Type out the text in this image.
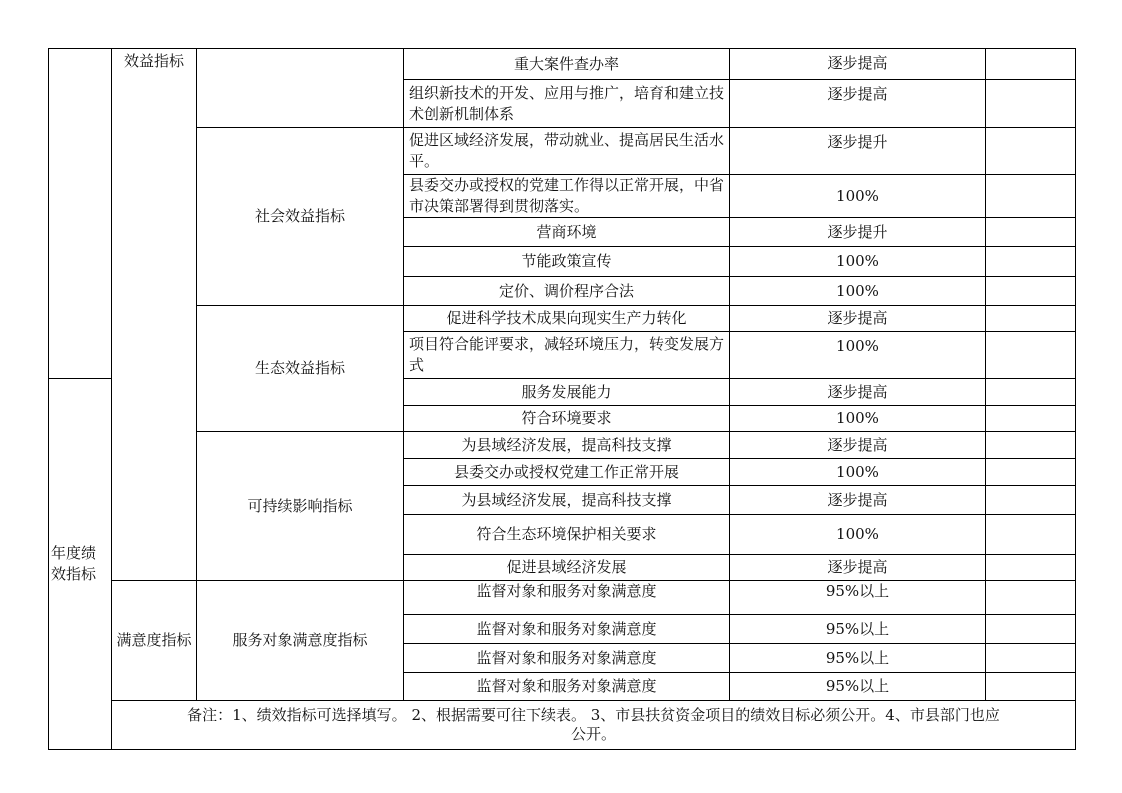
	效益指标		重大案件查办率	逐步提高	
			组织新技术的开发、应用与推广，培育和建立技术创新机制体系	逐步提高	
		社会效益指标	促进区域经济发展，带动就业、提高居民生活水平。	逐步提升	
			县委交办或授权的党建工作得以正常开展，中省市决策部署得到贯彻落实。	100%	
			营商环境	逐步提升	
			节能政策宣传	100%	
			定价、调价程序合法	100%	
		生态效益指标	促进科学技术成果向现实生产力转化	逐步提高	
			项目符合能评要求，减轻环境压力，转变发展方式	100%	
年度绩效指标			服务发展能力	逐步提高	
			符合环境要求	100%	
		可持续影响指标	为县域经济发展，提高科技支撑	逐步提高	
			县委交办或授权党建工作正常开展	100%	
			为县域经济发展，提高科技支撑	逐步提高	
			符合生态环境保护相关要求	100%	
			促进县域经济发展	逐步提高	
	满意度指标	服务对象满意度指标	监督对象和服务对象满意度	95%以上	
			监督对象和服务对象满意度	95%以上	
			监督对象和服务对象满意度	95%以上	
			监督对象和服务对象满意度	95%以上	

	备注：1、绩效指标可选择填写。 2、根据需要可往下续表。 3、市县扶贫资金项目的绩效目标必须公开。4、市县部门也应公开。				
